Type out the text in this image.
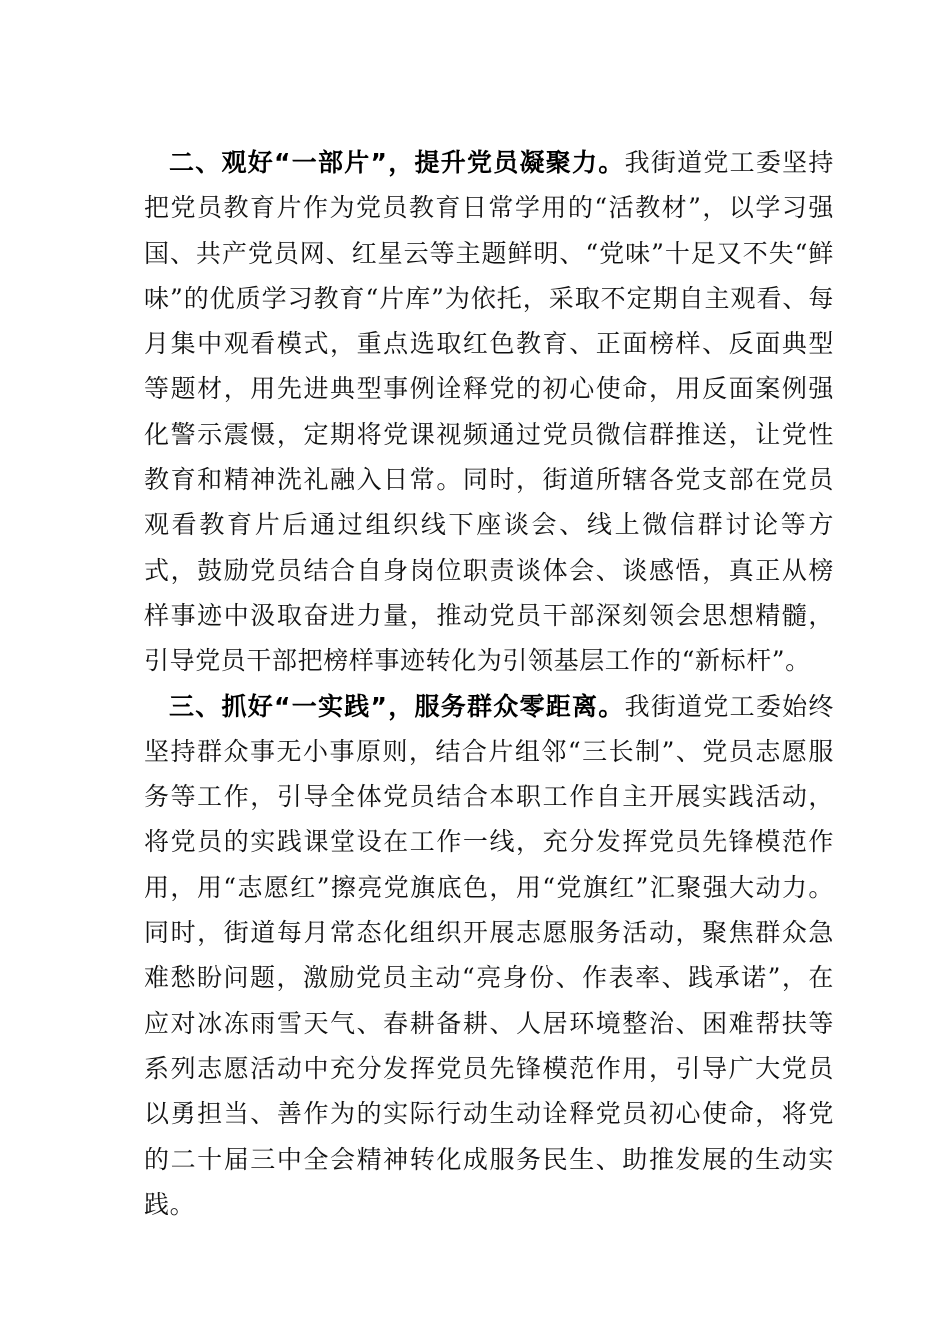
二、观好“一部片”，提升党员凝聚力。我街道党工委坚持把党员教育片作为党员教育日常学用的“活教材”，以学习强国、共产党员网、红星云等主题鲜明、“党味”十足又不失“鲜味”的优质学习教育“片库”为依托，采取不定期自主观看、每月集中观看模式，重点选取红色教育、正面榜样、反面典型等题材，用先进典型事例诠释党的初心使命，用反面案例强化警示震慑，定期将党课视频通过党员微信群推送，让党性教育和精神洗礼融入日常。同时，街道所辖各党支部在党员观看教育片后通过组织线下座谈会、线上微信群讨论等方式，鼓励党员结合自身岗位职责谈体会、谈感悟，真正从榜样事迹中汲取奋进力量，推动党员干部深刻领会思想精髓，引导党员干部把榜样事迹转化为引领基层工作的“新标杆”。

三、抓好“一实践”，服务群众零距离。我街道党工委始终坚持群众事无小事原则，结合片组邻“三长制”、党员志愿服务等工作，引导全体党员结合本职工作自主开展实践活动，将党员的实践课堂设在工作一线，充分发挥党员先锋模范作用，用“志愿红”擦亮党旗底色，用“党旗红”汇聚强大动力。同时，街道每月常态化组织开展志愿服务活动，聚焦群众急难愁盼问题，激励党员主动“亮身份、作表率、践承诺”，在应对冰冻雨雪天气、春耕备耕、人居环境整治、困难帮扶等系列志愿活动中充分发挥党员先锋模范作用，引导广大党员以勇担当、善作为的实际行动生动诠释党员初心使命，将党的二十届三中全会精神转化成服务民生、助推发展的生动实践。
